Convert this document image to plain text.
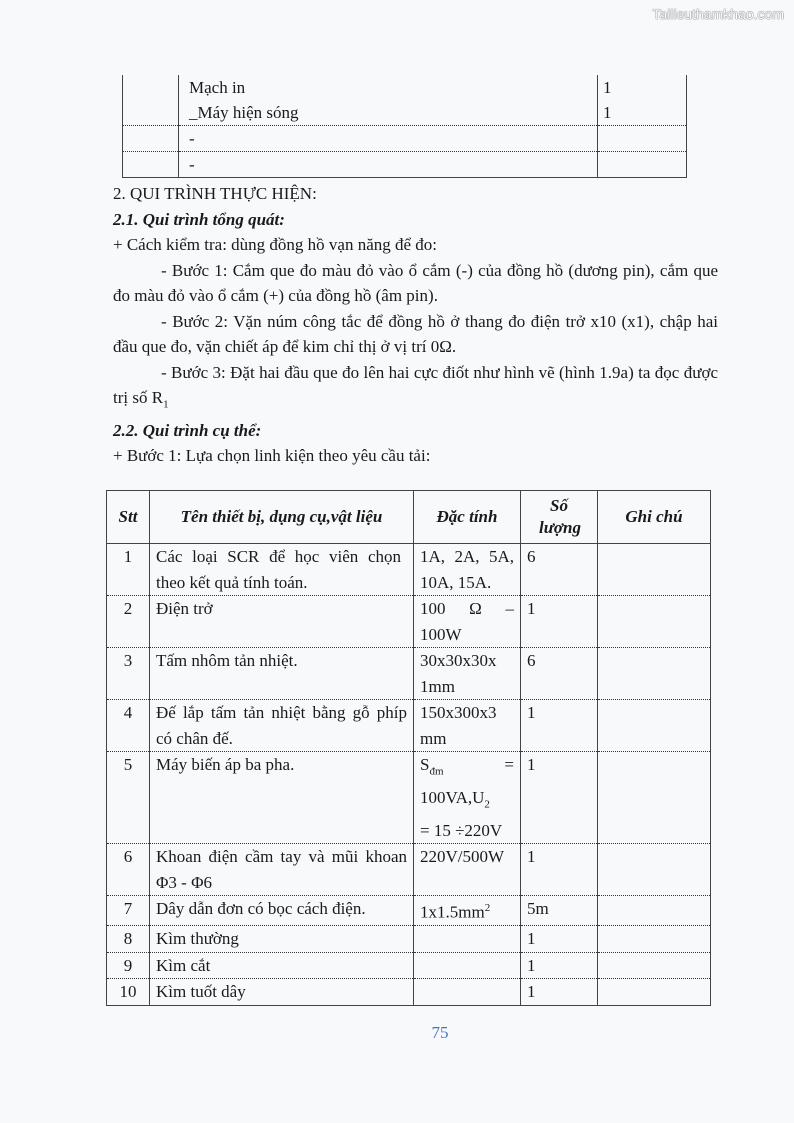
Tailieuthamkhao.com

	Mạch in 1
_Máy hiện sóng 1	

	-	

	-	

2. QUI TRÌNH THỰC HIỆN:
2.1. Qui trình tổng quát:
+ Cách kiểm tra: dùng đồng hồ vạn năng để đo:
- Bước 1: Cắm que đo màu đỏ vào ổ cắm (-) của đồng hồ (dương pin), cắm que đo màu đỏ vào ổ cắm (+) của đồng hồ (âm pin).
- Bước 2: Vặn núm công tắc để đồng hồ ở thang đo điện trở x10 (x1), chập hai đầu que đo, vặn chiết áp để kim chỉ thị ở vị trí 0Ω.
- Bước 3: Đặt hai đầu que đo lên hai cực điốt như hình vẽ (hình 1.9a) ta đọc được trị số $R_1$
2.2. Qui trình cụ thể:
+ Bước 1: Lựa chọn linh kiện theo yêu cầu tải:
Stt	Tên thiết bị, dụng cụ,vật liệu	Đặc tính	Số lượng	Ghi chú
1	Các loại SCR để học viên chọn theo kết quả tính toán.	1A, 2A, 5A, 10A, 15A.	6	
2	Điện trở	100 Ω – 100W	1	
3	Tấm nhôm tản nhiệt.	30x30x30x 1mm	6	
4	Đế lắp tấm tản nhiệt bằng gỗ phíp có chân đế.	150x300x3 mm	1	
5	Máy biến áp ba pha.	$S_{đm}$ =
$100VA,U_2$
= 15 ÷220V	1	
6	Khoan điện cầm tay và mũi khoan Φ3 - Φ6	220V/500W	1	
7	Dây dẫn đơn có bọc cách điện.	$1x1.5mm^2$	5m	
8	Kìm thường		1	
9	Kìm cắt		1	
10	Kìm tuốt dây		1	
75
